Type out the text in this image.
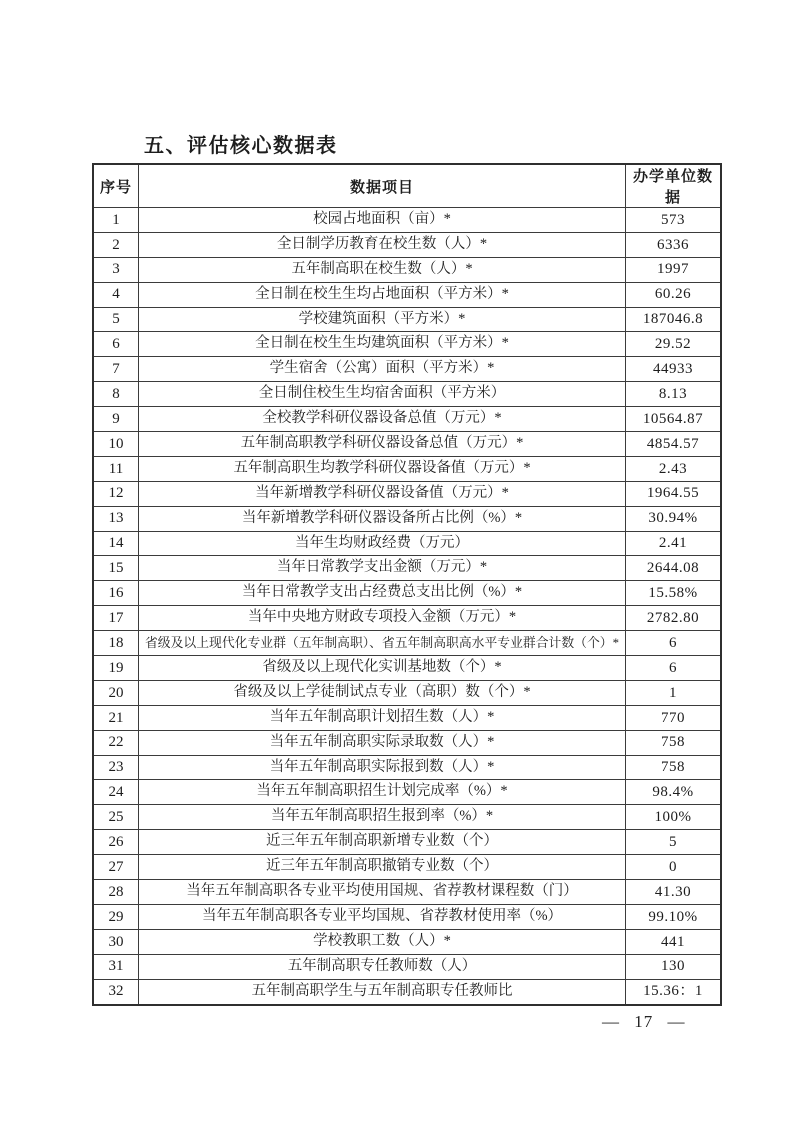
五、评估核心数据表
序号	数据项目	办学单位数据
1	校园占地面积（亩）*	573
2	全日制学历教育在校生数（人）*	6336
3	五年制高职在校生数（人）*	1997
4	全日制在校生生均占地面积（平方米）*	60.26
5	学校建筑面积（平方米）*	187046.8
6	全日制在校生生均建筑面积（平方米）*	29.52
7	学生宿舍（公寓）面积（平方米）*	44933
8	全日制住校生生均宿舍面积（平方米）	8.13
9	全校教学科研仪器设备总值（万元）*	10564.87
10	五年制高职教学科研仪器设备总值（万元）*	4854.57
11	五年制高职生均教学科研仪器设备值（万元）*	2.43
12	当年新增教学科研仪器设备值（万元）*	1964.55
13	当年新增教学科研仪器设备所占比例（%）*	30.94%
14	当年生均财政经费（万元）	2.41
15	当年日常教学支出金额（万元）*	2644.08
16	当年日常教学支出占经费总支出比例（%）*	15.58%
17	当年中央地方财政专项投入金额（万元）*	2782.80
18	省级及以上现代化专业群（五年制高职）、省五年制高职高水平专业群合计数（个）*	6
19	省级及以上现代化实训基地数（个）*	6
20	省级及以上学徒制试点专业（高职）数（个）*	1
21	当年五年制高职计划招生数（人）*	770
22	当年五年制高职实际录取数（人）*	758
23	当年五年制高职实际报到数（人）*	758
24	当年五年制高职招生计划完成率（%）*	98.4%
25	当年五年制高职招生报到率（%）*	100%
26	近三年五年制高职新增专业数（个）	5
27	近三年五年制高职撤销专业数（个）	0
28	当年五年制高职各专业平均使用国规、省荐教材课程数（门）	41.30
29	当年五年制高职各专业平均国规、省荐教材使用率（%）	99.10%
30	学校教职工数（人）*	441
31	五年制高职专任教师数（人）	130
32	五年制高职学生与五年制高职专任教师比	15.36：1
— 17 —
